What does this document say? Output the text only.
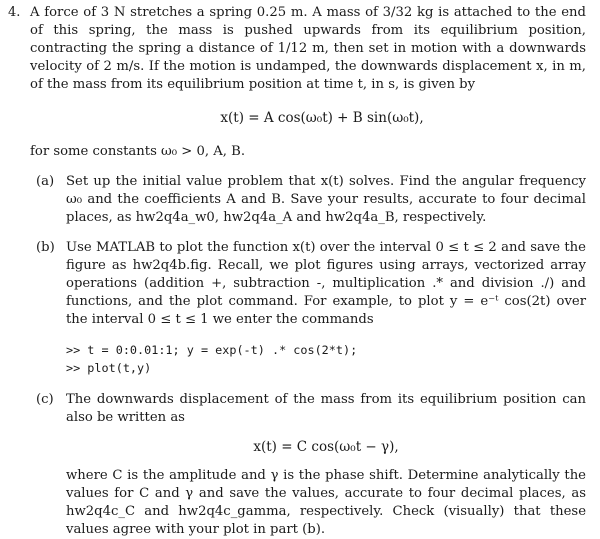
4. A force of 3 N stretches a spring 0.25 m. A mass of 3/32 kg is attached to the end of this spring, the mass is pushed upwards from its equilibrium position, contracting the spring a distance of 1/12 m, then set in motion with a downwards velocity of 2 m/s. If the motion is undamped, the downwards displacement x, in m, of the mass from its equilibrium position at time t, in s, is given by

x(t) = A cos(ω₀t) + B sin(ω₀t),

for some constants ω₀ > 0, A, B.

(a) Set up the initial value problem that x(t) solves. Find the angular frequency ω₀ and the coefficients A and B. Save your results, accurate to four decimal places, as hw2q4a_w0, hw2q4a_A and hw2q4a_B, respectively.

(b) Use MATLAB to plot the function x(t) over the interval 0 ≤ t ≤ 2 and save the figure as hw2q4b.fig. Recall, we plot figures using arrays, vectorized array operations (addition +, subtraction -, multiplication .* and division ./) and functions, and the plot command. For example, to plot y = e⁻ᵗ cos(2t) over the interval 0 ≤ t ≤ 1 we enter the commands

>> t = 0:0.01:1; y = exp(-t) .* cos(2*t);
>> plot(t,y)
(c) The downwards displacement of the mass from its equilibrium position can also be written as

x(t) = C cos(ω₀t − γ),

where C is the amplitude and γ is the phase shift. Determine analytically the values for C and γ and save the values, accurate to four decimal places, as hw2q4c_C and hw2q4c_gamma, respectively. Check (visually) that these values agree with your plot in part (b).
